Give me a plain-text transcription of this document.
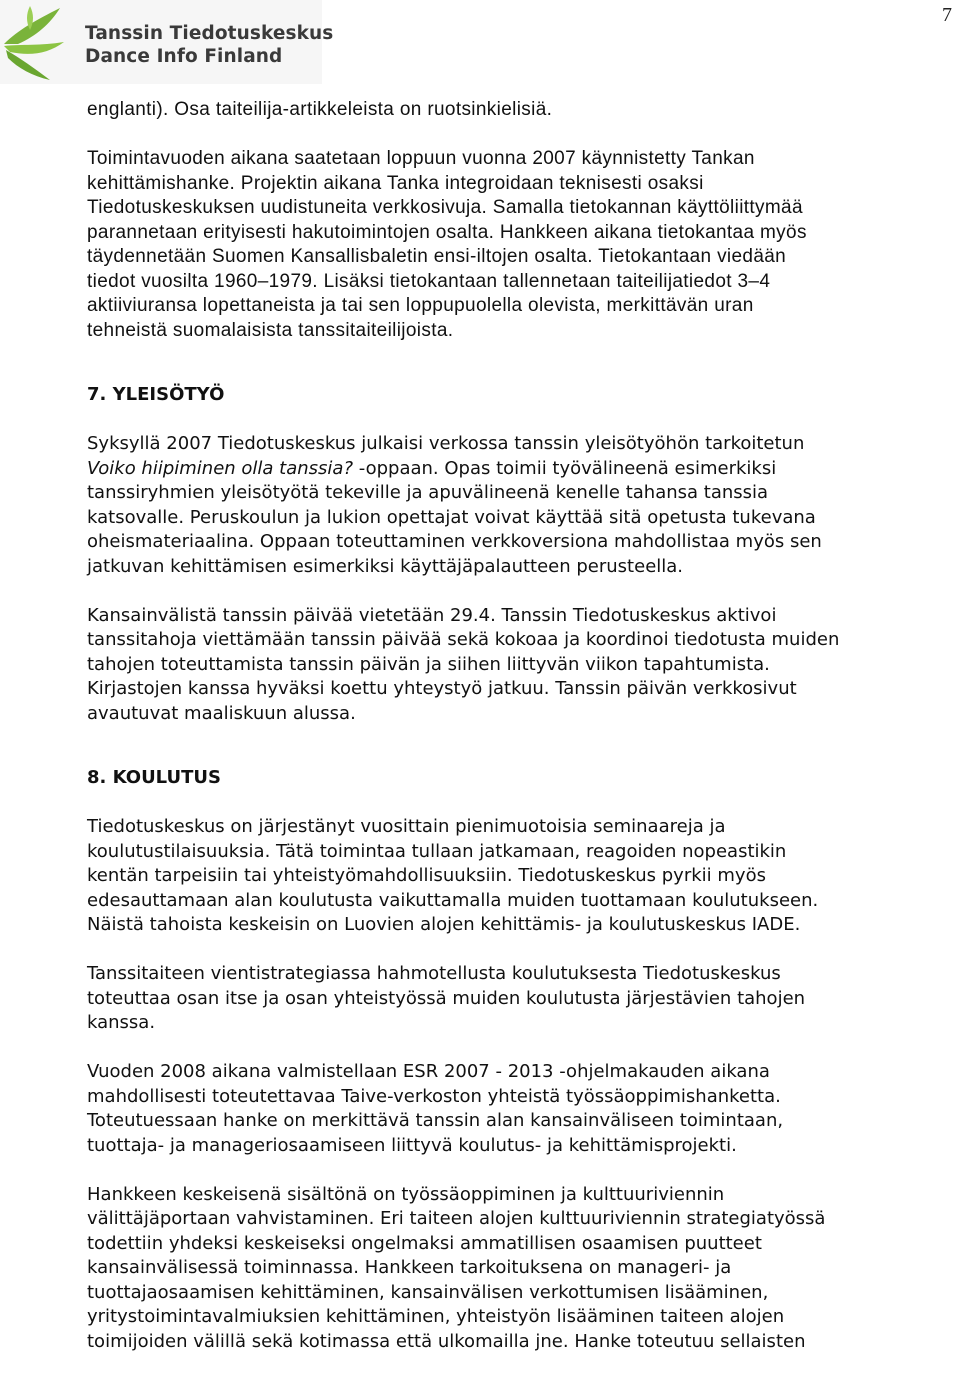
Tanssin Tiedotuskeskus
Dance Info Finland
7
englanti). Osa taiteilija-artikkeleista on ruotsinkielisiä.
Toimintavuoden aikana saatetaan loppuun vuonna 2007 käynnistetty Tankan
kehittämishanke. Projektin aikana Tanka integroidaan teknisesti osaksi
Tiedotuskeskuksen uudistuneita verkkosivuja. Samalla tietokannan käyttöliittymää
parannetaan erityisesti hakutoimintojen osalta. Hankkeen aikana tietokantaa myös
täydennetään Suomen Kansallisbaletin ensi-iltojen osalta. Tietokantaan viedään
tiedot vuosilta 1960–1979. Lisäksi tietokantaan tallennetaan taiteilijatiedot 3–4
aktiiviuransa lopettaneista ja tai sen loppupuolella olevista, merkittävän uran
tehneistä suomalaisista tanssitaiteilijoista.
7. YLEISÖTYÖ
Syksyllä 2007 Tiedotuskeskus julkaisi verkossa tanssin yleisötyöhön tarkoitetun
Voiko hiipiminen olla tanssia? -oppaan. Opas toimii työvälineenä esimerkiksi
tanssiryhmien yleisötyötä tekeville ja apuvälineenä kenelle tahansa tanssia
katsovalle. Peruskoulun ja lukion opettajat voivat käyttää sitä opetusta tukevana
oheismateriaalina. Oppaan toteuttaminen verkkoversiona mahdollistaa myös sen
jatkuvan kehittämisen esimerkiksi käyttäjäpalautteen perusteella.
Kansainvälistä tanssin päivää vietetään 29.4. Tanssin Tiedotuskeskus aktivoi
tanssitahoja viettämään tanssin päivää sekä kokoaa ja koordinoi tiedotusta muiden
tahojen toteuttamista tanssin päivän ja siihen liittyvän viikon tapahtumista.
Kirjastojen kanssa hyväksi koettu yhteystyö jatkuu. Tanssin päivän verkkosivut
avautuvat maaliskuun alussa.
8. KOULUTUS
Tiedotuskeskus on järjestänyt vuosittain pienimuotoisia seminaareja ja
koulutustilaisuuksia. Tätä toimintaa tullaan jatkamaan, reagoiden nopeastikin
kentän tarpeisiin tai yhteistyömahdollisuuksiin. Tiedotuskeskus pyrkii myös
edesauttamaan alan koulutusta vaikuttamalla muiden tuottamaan koulutukseen.
Näistä tahoista keskeisin on Luovien alojen kehittämis- ja koulutuskeskus IADE.
Tanssitaiteen vientistrategiassa hahmotellusta koulutuksesta Tiedotuskeskus
toteuttaa osan itse ja osan yhteistyössä muiden koulutusta järjestävien tahojen
kanssa.
Vuoden 2008 aikana valmistellaan ESR 2007 - 2013 -ohjelmakauden aikana
mahdollisesti toteutettavaa Taive-verkoston yhteistä työssäoppimishanketta.
Toteutuessaan hanke on merkittävä tanssin alan kansainväliseen toimintaan,
tuottaja- ja manageriosaamiseen liittyvä koulutus- ja kehittämisprojekti.
Hankkeen keskeisenä sisältönä on työssäoppiminen ja kulttuuriviennin
välittäjäportaan vahvistaminen. Eri taiteen alojen kulttuuriviennin strategiatyössä
todettiin yhdeksi keskeiseksi ongelmaksi ammatillisen osaamisen puutteet
kansainvälisessä toiminnassa. Hankkeen tarkoituksena on manageri- ja
tuottajaosaamisen kehittäminen, kansainvälisen verkottumisen lisääminen,
yritystoimintavalmiuksien kehittäminen, yhteistyön lisääminen taiteen alojen
toimijoiden välillä sekä kotimassa että ulkomailla jne. Hanke toteutuu sellaisten
